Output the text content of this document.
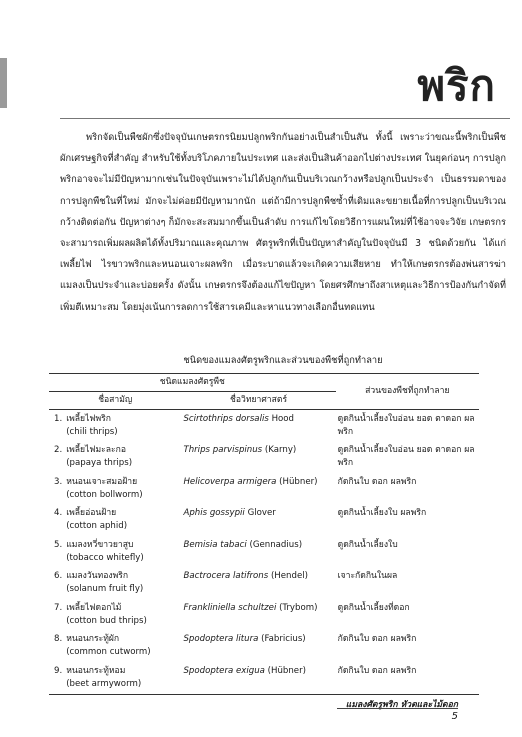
พริก

พริกจัดเป็นพืชผักซึ่งปัจจุบันเกษตรกรนิยมปลูกพริกกันอย่างเป็นสำเป็นสัน ทั้งนี้ เพราะว่าขณะนี้พริกเป็นพืชผักเศรษฐกิจที่สำคัญ สำหรับใช้ทั้งบริโภคภายในประเทศ และส่งเป็นสินค้าออกไปต่างประเทศ ในยุคก่อนๆ การปลูกพริกอาจจะไม่มีปัญหามากเช่นในปัจจุบันเพราะไม่ได้ปลูกกันเป็นบริเวณกว้างหรือปลูกเป็นประจำ เป็นธรรมดาของการปลูกพืชในที่ใหม่ มักจะไม่ค่อยมีปัญหามากนัก แต่ถ้ามีการปลูกพืชซ้ำที่เดิมและขยายเนื้อที่การปลูกเป็นบริเวณกว้างติดต่อกัน ปัญหาต่างๆ ก็มักจะสะสมมากขึ้นเป็นลำดับ การแก้ไขโดยวิธีการแผนใหม่ที่ใช้อาจจะวิจัย เกษตรกรจะสามารถเพิ่มผลผลิตได้ทั้งปริมาณและคุณภาพ ศัตรูพริกที่เป็นปัญหาสำคัญในปัจจุบันมี 3 ชนิดด้วยกัน ได้แก่ เพลี้ยไฟ ไรขาวพริกและหนอนเจาะผลพริก เมื่อระบาดแล้วจะเกิดความเสียหาย ทำให้เกษตรกรต้องพ่นสารฆ่าแมลงเป็นประจำและบ่อยครั้ง ดังนั้น เกษตรกรจึงต้องแก้ไขปัญหา โดยศรศึกษาถึงสาเหตุและวิธีการป้องกันกำจัดที่เพิ่มตีเหมาะสม โดยมุ่งเน้นการลดการใช้สารเคมีและหาแนวทางเลือกอื่นทดแทน

ชนิดของแมลงศัตรูพริกและส่วนของพืชที่ถูกทำลาย
ชนิดแมลงศัตรูพืช			ส่วนของพืชที่ถูกทำลาย
ชื่อสามัญ		ชื่อวิทยาศาสตร์	
1.	เพลี้ยไฟพริก
(chili thrips)	Scirtothrips dorsalis Hood	ดูดกินน้ำเลี้ยงใบอ่อน ยอด ตาดอก ผลพริก
2.	เพลี้ยไฟมะละกอ
(papaya thrips)	Thrips parvispinus (Karny)	ดูดกินน้ำเลี้ยงใบอ่อน ยอด ตาดอก ผลพริก
3.	หนอนเจาะสมอฝ้าย
(cotton bollworm)	Helicoverpa armigera (Hübner)	กัดกินใบ ดอก ผลพริก
4.	เพลี้ยอ่อนฝ้าย
(cotton aphid)	Aphis gossypii Glover	ดูดกินน้ำเลี้ยงใบ ผลพริก
5.	แมลงหวี่ขาวยาสูบ
(tobacco whitefly)	Bemisia tabaci (Gennadius)	ดูดกินน้ำเลี้ยงใบ
6.	แมลงวันทองพริก
(solanum fruit fly)	Bactrocera latifrons (Hendel)	เจาะกัดกินในผล
7.	เพลี้ยไฟดอกไม้
(cotton bud thrips)	Frankliniella schultzei (Trybom)	ดูดกินน้ำเลี้ยงที่ดอก
8.	หนอนกระทู้ผัก
(common cutworm)	Spodoptera litura (Fabricius)	กัดกินใบ ดอก ผลพริก
9.	หนอนกระทู้หอม
(beet armyworm)	Spodoptera exigua (Hübner)	กัดกินใบ ดอก ผลพริก
แมลงศัตรูพริก หัวตและไม้ดอก
5
